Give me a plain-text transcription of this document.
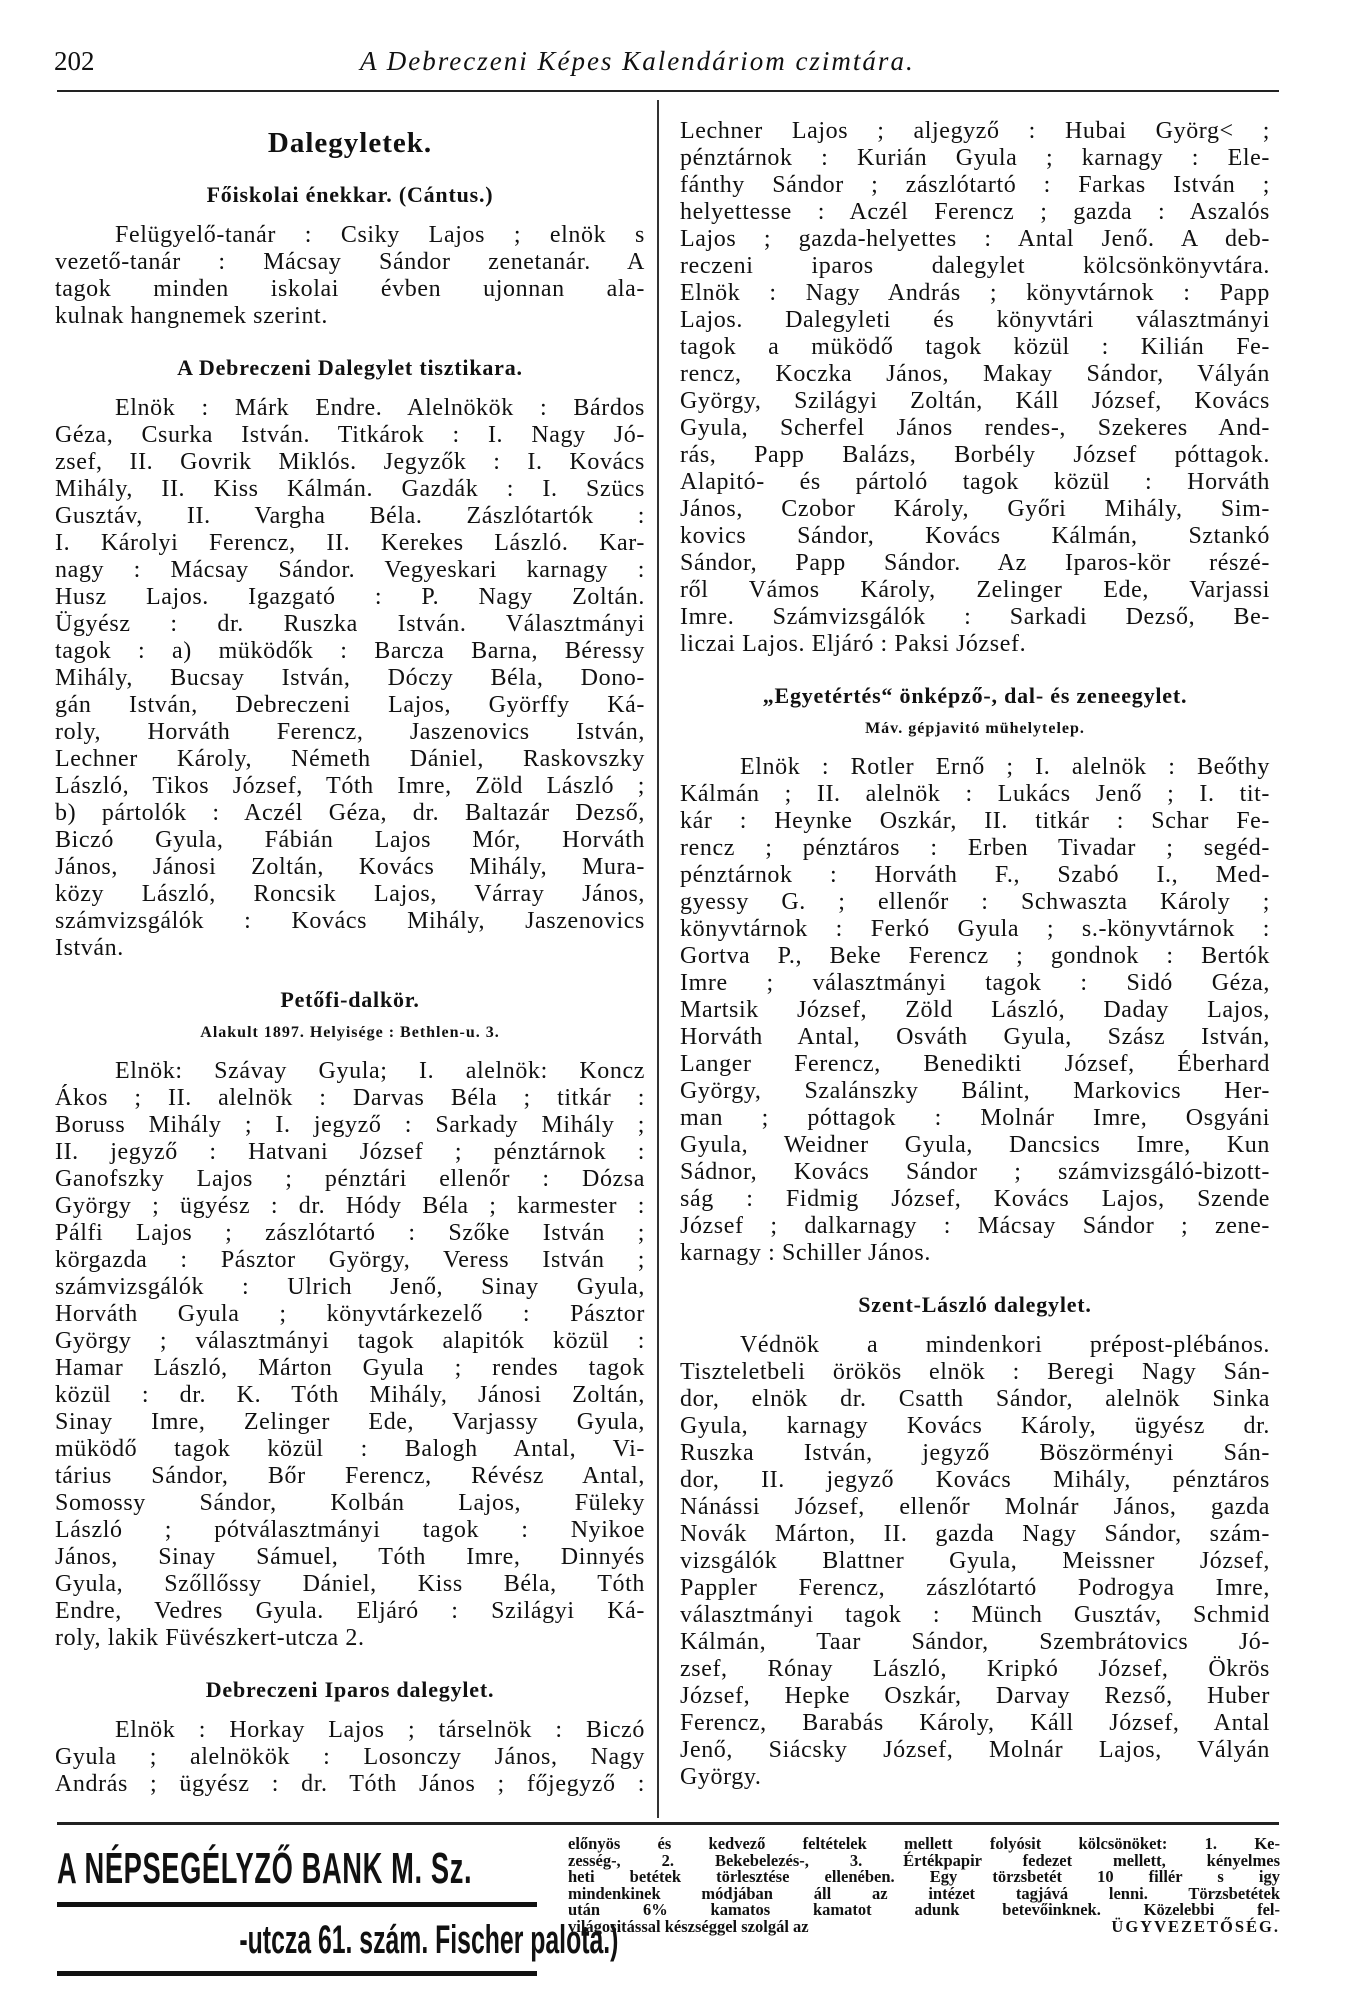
202	A Debreczeni Képes Kalendáriom czimtára.
Dalegyletek.
Főiskolai énekkar. (Cántus.)
Felügyelő-tanár : Csiky Lajos ; elnök s
vezető-tanár : Mácsay Sándor zenetanár. A
tagok minden iskolai évben ujonnan ala-
kulnak hangnemek szerint.
A Debreczeni Dalegylet tisztikara.
Elnök : Márk Endre. Alelnökök : Bárdos
Géza, Csurka István. Titkárok : I. Nagy Jó-
zsef, II. Govrik Miklós. Jegyzők : I. Kovács
Mihály, II. Kiss Kálmán. Gazdák : I. Szücs
Gusztáv, II. Vargha Béla. Zászlótartók :
I. Károlyi Ferencz, II. Kerekes László. Kar-
nagy : Mácsay Sándor. Vegyeskari karnagy :
Husz Lajos. Igazgató : P. Nagy Zoltán.
Ügyész : dr. Ruszka István. Választmányi
tagok : a) müködők : Barcza Barna, Béressy
Mihály, Bucsay István, Dóczy Béla, Dono-
gán István, Debreczeni Lajos, Györffy Ká-
roly, Horváth Ferencz, Jaszenovics István,
Lechner Károly, Németh Dániel, Raskovszky
László, Tikos József, Tóth Imre, Zöld László ;
b) pártolók : Aczél Géza, dr. Baltazár Dezső,
Biczó Gyula, Fábián Lajos Mór, Horváth
János, Jánosi Zoltán, Kovács Mihály, Mura-
közy László, Roncsik Lajos, Várray János,
számvizsgálók : Kovács Mihály, Jaszenovics
István.
Petőfi-dalkör.
Alakult 1897. Helyisége : Bethlen-u. 3.
Elnök: Szávay Gyula; I. alelnök: Koncz
Ákos ; II. alelnök : Darvas Béla ; titkár :
Boruss Mihály ; I. jegyző : Sarkady Mihály ;
II. jegyző : Hatvani József ; pénztárnok :
Ganofszky Lajos ; pénztári ellenőr : Dózsa
György ; ügyész : dr. Hódy Béla ; karmester :
Pálfi Lajos ; zászlótartó : Szőke István ;
körgazda : Pásztor György, Veress István ;
számvizsgálók : Ulrich Jenő, Sinay Gyula,
Horváth Gyula ; könyvtárkezelő : Pásztor
György ; választmányi tagok alapitók közül :
Hamar László, Márton Gyula ; rendes tagok
közül : dr. K. Tóth Mihály, Jánosi Zoltán,
Sinay Imre, Zelinger Ede, Varjassy Gyula,
müködő tagok közül : Balogh Antal, Vi-
tárius Sándor, Bőr Ferencz, Révész Antal,
Somossy Sándor, Kolbán Lajos, Füleky
László ; pótválasztmányi tagok : Nyikoe
János, Sinay Sámuel, Tóth Imre, Dinnyés
Gyula, Szőllőssy Dániel, Kiss Béla, Tóth
Endre, Vedres Gyula. Eljáró : Szilágyi Ká-
roly, lakik Füvészkert-utcza 2.
Debreczeni Iparos dalegylet.
Elnök : Horkay Lajos ; társelnök : Biczó
Gyula ; alelnökök : Losonczy János, Nagy
András ; ügyész : dr. Tóth János ; főjegyző :
Lechner Lajos ; aljegyző : Hubai Györg< ;
pénztárnok : Kurián Gyula ; karnagy : Ele-
fánthy Sándor ; zászlótartó : Farkas István ;
helyettesse : Aczél Ferencz ; gazda : Aszalós
Lajos ; gazda-helyettes : Antal Jenő. A deb-
reczeni iparos dalegylet kölcsönkönyvtára.
Elnök : Nagy András ; könyvtárnok : Papp
Lajos. Dalegyleti és könyvtári választmányi
tagok a müködő tagok közül : Kilián Fe-
rencz, Koczka János, Makay Sándor, Vályán
György, Szilágyi Zoltán, Káll József, Kovács
Gyula, Scherfel János rendes-, Szekeres And-
rás, Papp Balázs, Borbély József póttagok.
Alapitó- és pártoló tagok közül : Horváth
János, Czobor Károly, Győri Mihály, Sim-
kovics Sándor, Kovács Kálmán, Sztankó
Sándor, Papp Sándor. Az Iparos-kör részé-
ről Vámos Károly, Zelinger Ede, Varjassi
Imre. Számvizsgálók : Sarkadi Dezső, Be-
liczai Lajos. Eljáró : Paksi József.
„Egyetértés“ önképző-, dal- és zeneegylet.
Máv. gépjavitó mühelytelep.
Elnök : Rotler Ernő ; I. alelnök : Beőthy
Kálmán ; II. alelnök : Lukács Jenő ; I. tit-
kár : Heynke Oszkár, II. titkár : Schar Fe-
rencz ; pénztáros : Erben Tivadar ; segéd-
pénztárnok : Horváth F., Szabó I., Med-
gyessy G. ; ellenőr : Schwaszta Károly ;
könyvtárnok : Ferkó Gyula ; s.-könyvtárnok :
Gortva P., Beke Ferencz ; gondnok : Bertók
Imre ; választmányi tagok : Sidó Géza,
Martsik József, Zöld László, Daday Lajos,
Horváth Antal, Osváth Gyula, Szász István,
Langer Ferencz, Benedikti József, Éberhard
György, Szalánszky Bálint, Markovics Her-
man ; póttagok : Molnár Imre, Osgyáni
Gyula, Weidner Gyula, Dancsics Imre, Kun
Sádnor, Kovács Sándor ; számvizsgáló-bizott-
ság : Fidmig József, Kovács Lajos, Szende
József ; dalkarnagy : Mácsay Sándor ; zene-
karnagy : Schiller János.
Szent-László dalegylet.
Védnök a mindenkori prépost-plébános.
Tiszteletbeli örökös elnök : Beregi Nagy Sán-
dor, elnök dr. Csatth Sándor, alelnök Sinka
Gyula, karnagy Kovács Károly, ügyész dr.
Ruszka István, jegyző Böszörményi Sán-
dor, II. jegyző Kovács Mihály, pénztáros
Nánássi József, ellenőr Molnár János, gazda
Novák Márton, II. gazda Nagy Sándor, szám-
vizsgálók Blattner Gyula, Meissner József,
Pappler Ferencz, zászlótartó Podrogya Imre,
választmányi tagok : Münch Gusztáv, Schmid
Kálmán, Taar Sándor, Szembrátovics Jó-
zsef, Rónay László, Kripkó József, Ökrös
József, Hepke Oszkár, Darvay Rezső, Huber
Ferencz, Barabás Károly, Káll József, Antal
Jenő, Siácsky József, Molnár Lajos, Vályán
György.
A NÉPSEGÉLYZŐ BANK M. Sz.
-utcza 61. szám. Fischer palota.)
előnyös és kedvező feltételek mellett folyósit kölcsönöket: 1. Ke-
zesség-, 2. Bekebelezés-, 3. Értékpapir fedezet mellett, kényelmes
heti betétek törlesztése ellenében. Egy törzsbetét 10 fillér s igy
mindenkinek módjában áll az intézet tagjává lenni. Törzsbetétek
után 6% kamatos kamatot adunk betevőinknek. Közelebbi fel-
világositással készséggel szolgál az	ÜGYVEZETŐSÉG.
